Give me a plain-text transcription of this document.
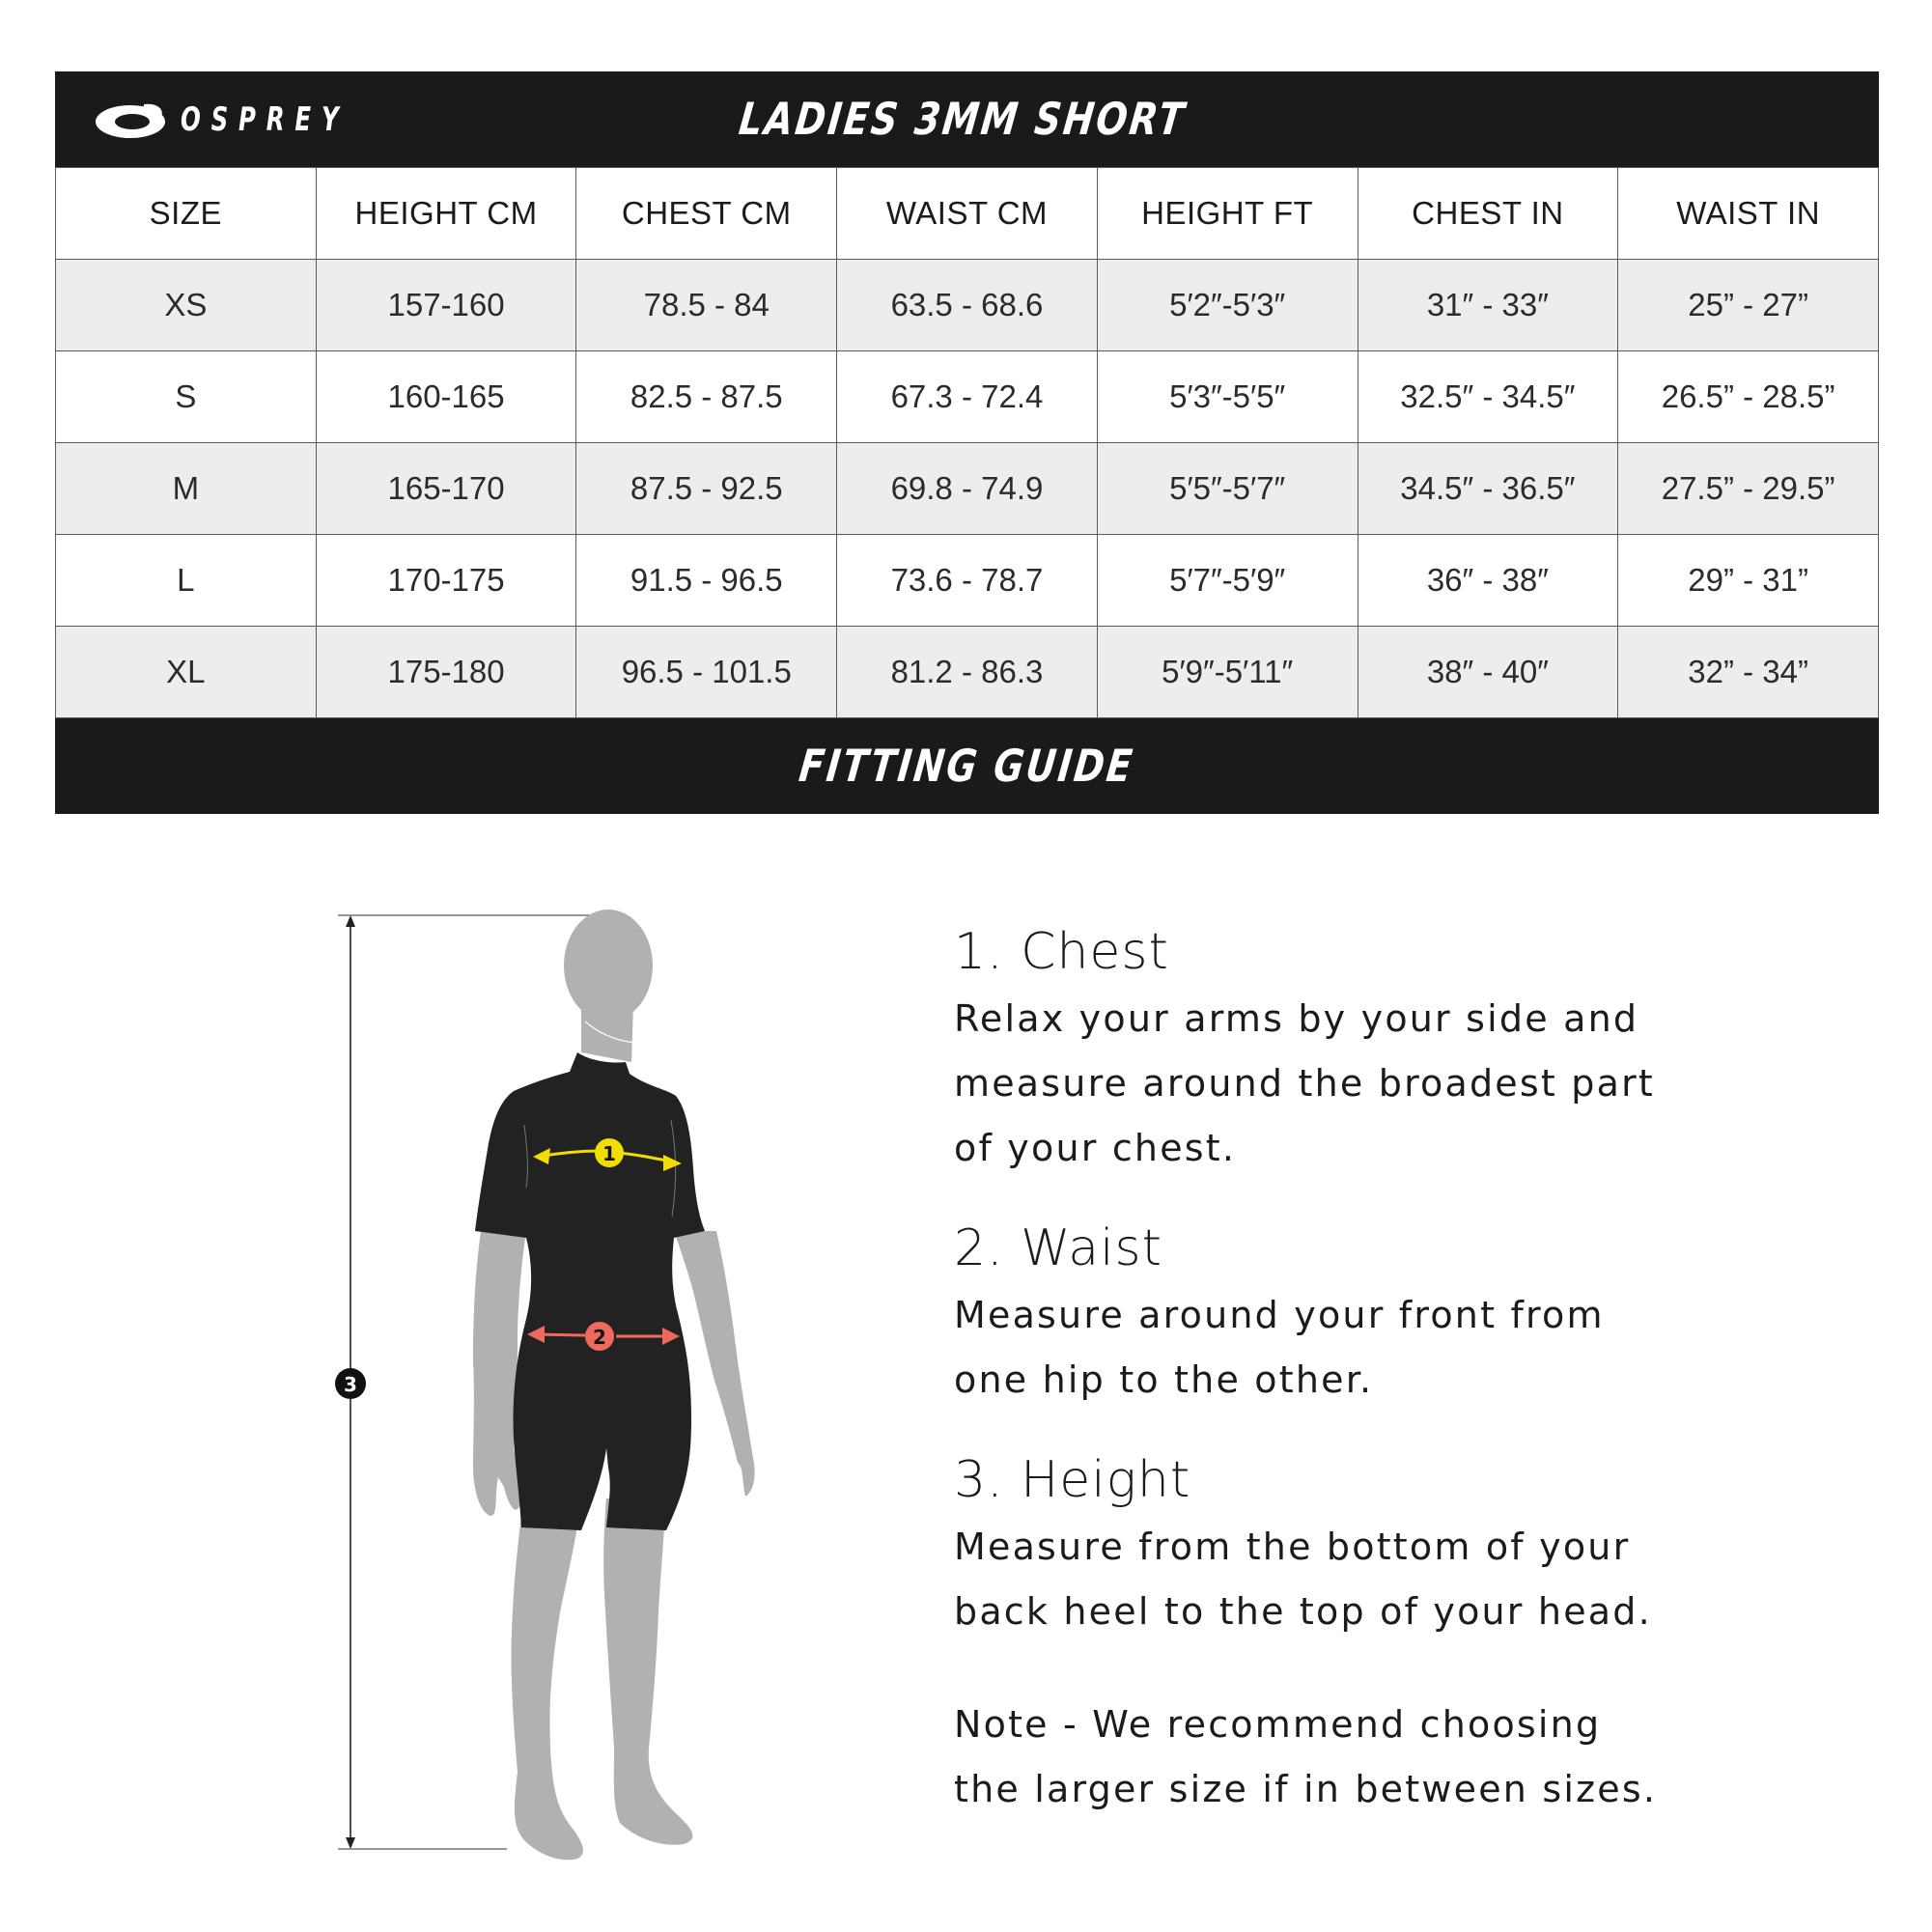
OSPREY	LADIES 3MM SHORT
SIZE	HEIGHT CM	CHEST CM	WAIST CM	HEIGHT FT	CHEST IN	WAIST IN
XS	157-160	78.5 - 84	63.5 - 68.6	5′2″-5′3″	31″ - 33″	25” - 27”
S	160-165	82.5 - 87.5	67.3 - 72.4	5′3″-5′5″	32.5″ - 34.5″	26.5” - 28.5”
M	165-170	87.5 - 92.5	69.8 - 74.9	5′5″-5′7″	34.5″ - 36.5″	27.5” - 29.5”
L	170-175	91.5 - 96.5	73.6 - 78.7	5′7″-5′9″	36″ - 38″	29” - 31”
XL	175-180	96.5 - 101.5	81.2 - 86.3	5′9″-5′11″	38″ - 40″	32” - 34”
FITTING GUIDE
1
2
3

1. Chest

Relax your arms by your side and

measure around the broadest part

of your chest.

2. Waist

Measure around your front from

one hip to the other.

3. Height

Measure from the bottom of your

back heel to the top of your head.

Note - We recommend choosing

the larger size if in between sizes.
